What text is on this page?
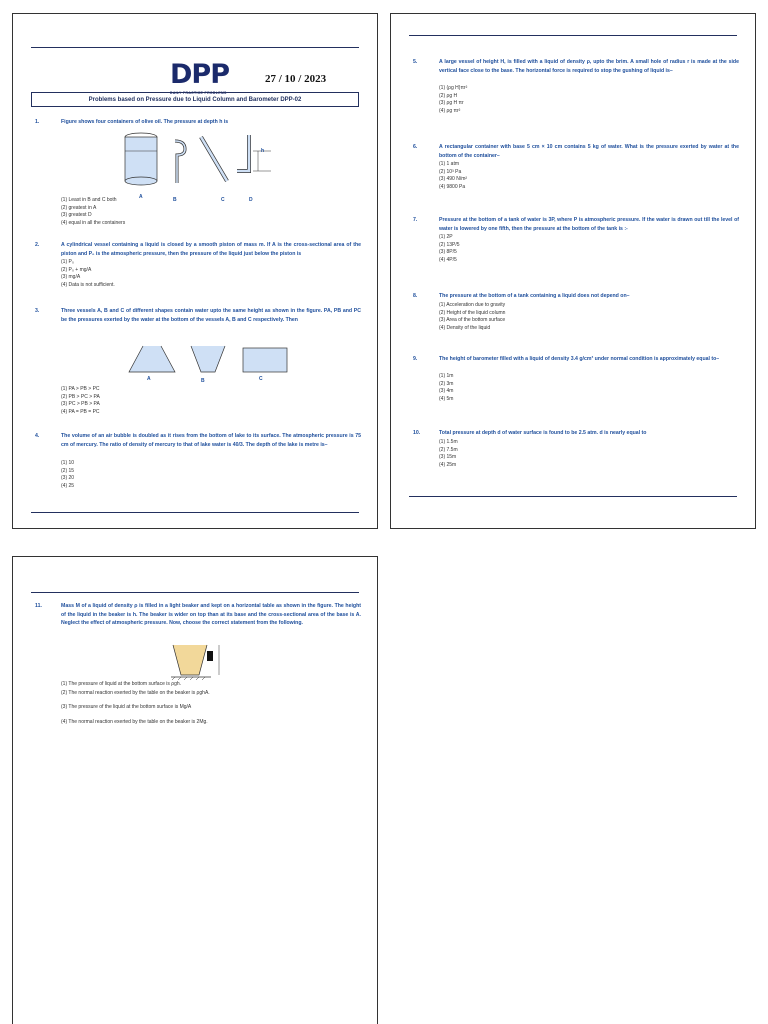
DPP
DAILY PRACTICE PROBLEMS
27 / 10 / 2023
Problems based on Pressure due to Liquid Column and Barometer DPP-02
1.	Figure shows four containers of olive oil. The pressure at depth h is
A	B	C	D
h
(1) Least in B and C both
(2) greatest in A
(3) greatest D
(4) equal in all the containers
2.	A cylindrical vessel containing a liquid is closed by a smooth piston of mass m. If A is the cross-sectional area of the piston and P₀ is the atmospheric pressure, then the pressure of the liquid just below the piston is
(1) P₀
(2) P₀ + mg/A
(3) mg/A
(4) Data is not sufficient.
3.	Three vessels A, B and C of different shapes contain water upto the same height as shown in the figure. PA, PB and PC be the pressures exerted by the water at the bottom of the vessels A, B and C respectively. Then
A	B	C
(1) PA > PB > PC
(2) PB > PC > PA
(3) PC > PB > PA
(4) PA = PB = PC
4.	The volume of an air bubble is doubled as it rises from the bottom of lake to its surface. The atmospheric pressure is 75 cm of mercury. The ratio of density of mercury to that of lake water is 40/3. The depth of the lake is metre is–
(1) 10
(2) 15
(3) 20
(4) 25
5.	A large vessel of height H, is filled with a liquid of density ρ, upto the brim. A small hole of radius r is made at the side vertical face close to the base. The horizontal force is required to stop the gushing of liquid is–
(1) (ρg H)πr²
(2) ρg H
(3) ρg H πr
(4) ρg πr²
6.	A rectangular container with base 5 cm × 10 cm contains 5 kg of water. What is the pressure exerted by water at the bottom of the container–
(1) 1 atm
(2) 10³ Pa
(3) 490 N/m²
(4) 9800 Pa
7.	Pressure at the bottom of a tank of water is 3P, where P is atmospheric pressure. If the water is drawn out till the level of water is lowered by one fifth, then the pressure at the bottom of the tank is :-
(1) 2P
(2) 13P/5
(3) 8P/5
(4) 4P/5
8.	The pressure at the bottom of a tank containing a liquid does not depend on–
(1) Acceleration due to gravity
(2) Height of the liquid column
(3) Area of the bottom surface
(4) Density of the liquid
9.	The height of barometer filled with a liquid of density 3.4 g/cm³ under normal condition is approximately equal to–
(1) 1m
(2) 3m
(3) 4m
(4) 5m
10.	Total pressure at depth d of water surface is found to be 2.5 atm. d is nearly equal to
(1) 1.5m
(2) 7.5m
(3) 15m
(4) 25m
11.	Mass M of a liquid of density ρ is filled in a light beaker and kept on a horizontal table as shown in the figure. The height of the liquid in the beaker is h. The beaker is wider on top than at its base and the cross-sectional area of the base is A. Neglect the effect of atmospheric pressure. Now, choose the correct statement from the following.
(1) The pressure of liquid at the bottom surface is ρgh.
(2) The normal reaction exerted by the table on the beaker is ρghA.
(3) The pressure of the liquid at the bottom surface is Mg/A
(4) The normal reaction exerted by the table on the beaker is 2Mg.
